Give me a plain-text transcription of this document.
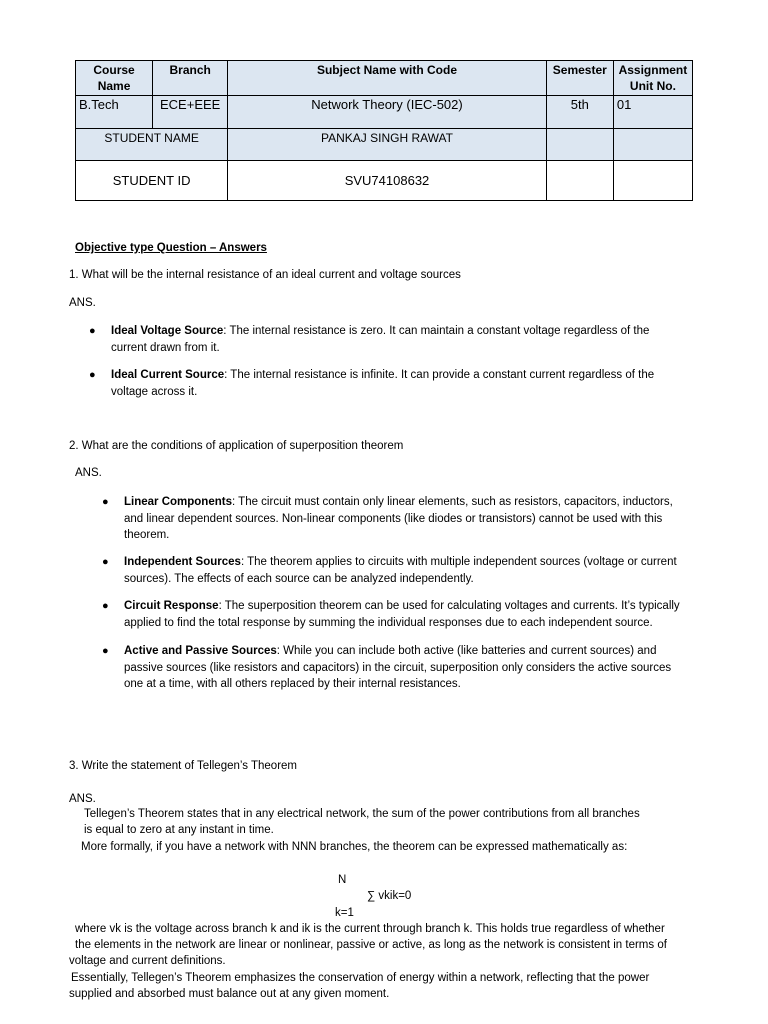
Course Name	Branch	Subject Name with Code	Semester	Assignment Unit No.
B.Tech	ECE+EEE	Network Theory (IEC-502)	5th	01
STUDENT NAME		PANKAJ SINGH RAWAT		
STUDENT ID		SVU74108632		
Objective type Question – Answers
1. What will be the internal resistance of an ideal current and voltage sources
ANS.
● Ideal Voltage Source: The internal resistance is zero. It can maintain a constant voltage regardless of the
current drawn from it.
● Ideal Current Source: The internal resistance is infinite. It can provide a constant current regardless of the
voltage across it.
2. What are the conditions of application of superposition theorem
ANS.
● Linear Components: The circuit must contain only linear elements, such as resistors, capacitors, inductors,
and linear dependent sources. Non-linear components (like diodes or transistors) cannot be used with this
theorem.
● Independent Sources: The theorem applies to circuits with multiple independent sources (voltage or current
sources). The effects of each source can be analyzed independently.
● Circuit Response: The superposition theorem can be used for calculating voltages and currents. It’s typically
applied to find the total response by summing the individual responses due to each independent source.
● Active and Passive Sources: While you can include both active (like batteries and current sources) and
passive sources (like resistors and capacitors) in the circuit, superposition only considers the active sources
one at a time, with all others replaced by their internal resistances.
3. Write the statement of Tellegen’s Theorem
ANS.
Tellegen’s Theorem states that in any electrical network, the sum of the power contributions from all branches
is equal to zero at any instant in time.
More formally, if you have a network with NNN branches, the theorem can be expressed mathematically as:
N
∑ vkik=0
k=1
where vk is the voltage across branch k and ik is the current through branch k. This holds true regardless of whether
the elements in the network are linear or nonlinear, passive or active, as long as the network is consistent in terms of
voltage and current definitions.
Essentially, Tellegen’s Theorem emphasizes the conservation of energy within a network, reflecting that the power
supplied and absorbed must balance out at any given moment.
